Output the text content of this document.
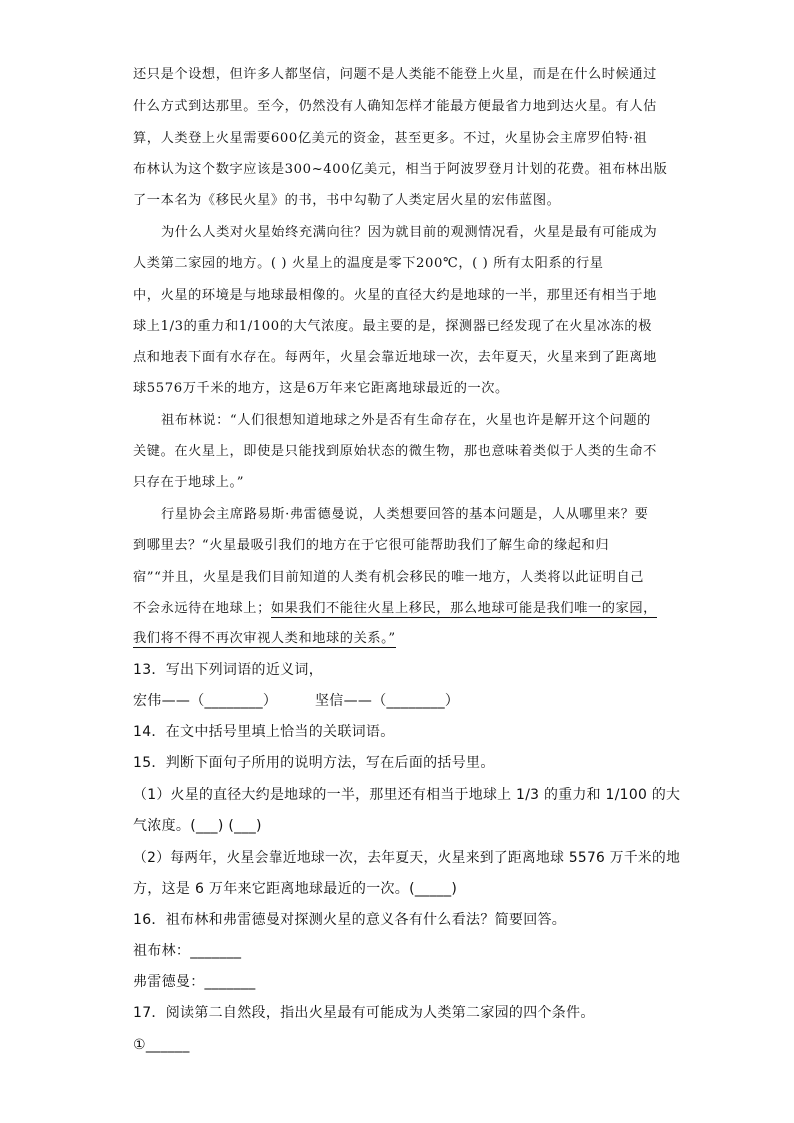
还只是个设想，但许多人都坚信，问题不是人类能不能登上火星，而是在什么时候通过
什么方式到达那里。至今，仍然没有人确知怎样才能最方便最省力地到达火星。有人估
算，人类登上火星需要600亿美元的资金，甚至更多。不过，火星协会主席罗伯特·祖
布林认为这个数字应该是300~400亿美元，相当于阿波罗登月计划的花费。祖布林出版
了一本名为《移民火星》的书，书中勾勒了人类定居火星的宏伟蓝图。
为什么人类对火星始终充满向往？因为就目前的观测情况看，火星是最有可能成为
人类第二家园的地方。( ) 火星上的温度是零下200℃，( ) 所有太阳系的行星
中，火星的环境是与地球最相像的。火星的直径大约是地球的一半，那里还有相当于地
球上1/3的重力和1/100的大气浓度。最主要的是，探测器已经发现了在火星冰冻的极
点和地表下面有水存在。每两年，火星会靠近地球一次，去年夏天，火星来到了距离地
球5576万千米的地方，这是6万年来它距离地球最近的一次。
祖布林说：“人们很想知道地球之外是否有生命存在，火星也许是解开这个问题的
关键。在火星上，即使是只能找到原始状态的微生物，那也意味着类似于人类的生命不
只存在于地球上。”
行星协会主席路易斯·弗雷德曼说，人类想要回答的基本问题是，人从哪里来？要
到哪里去？“火星最吸引我们的地方在于它很可能帮助我们了解生命的缘起和归
宿”“并且，火星是我们目前知道的人类有机会移民的唯一地方，人类将以此证明自己
不会永远待在地球上；如果我们不能往火星上移民，那么地球可能是我们唯一的家园，
我们将不得不再次审视人类和地球的关系。”
13．写出下列词语的近义词，
宏伟——（________）	坚信——（________）
14．在文中括号里填上恰当的关联词语。
15．判断下面句子所用的说明方法，写在后面的括号里。
（1）火星的直径大约是地球的一半，那里还有相当于地球上 1/3 的重力和 1/100 的大
气浓度。(___) (___)
（2）每两年，火星会靠近地球一次，去年夏天，火星来到了距离地球 5576 万千米的地
方，这是 6 万年来它距离地球最近的一次。(_____)
16．祖布林和弗雷德曼对探测火星的意义各有什么看法？简要回答。
祖布林：_______
弗雷德曼：_______
17．阅读第二自然段，指出火星最有可能成为人类第二家园的四个条件。
①______
